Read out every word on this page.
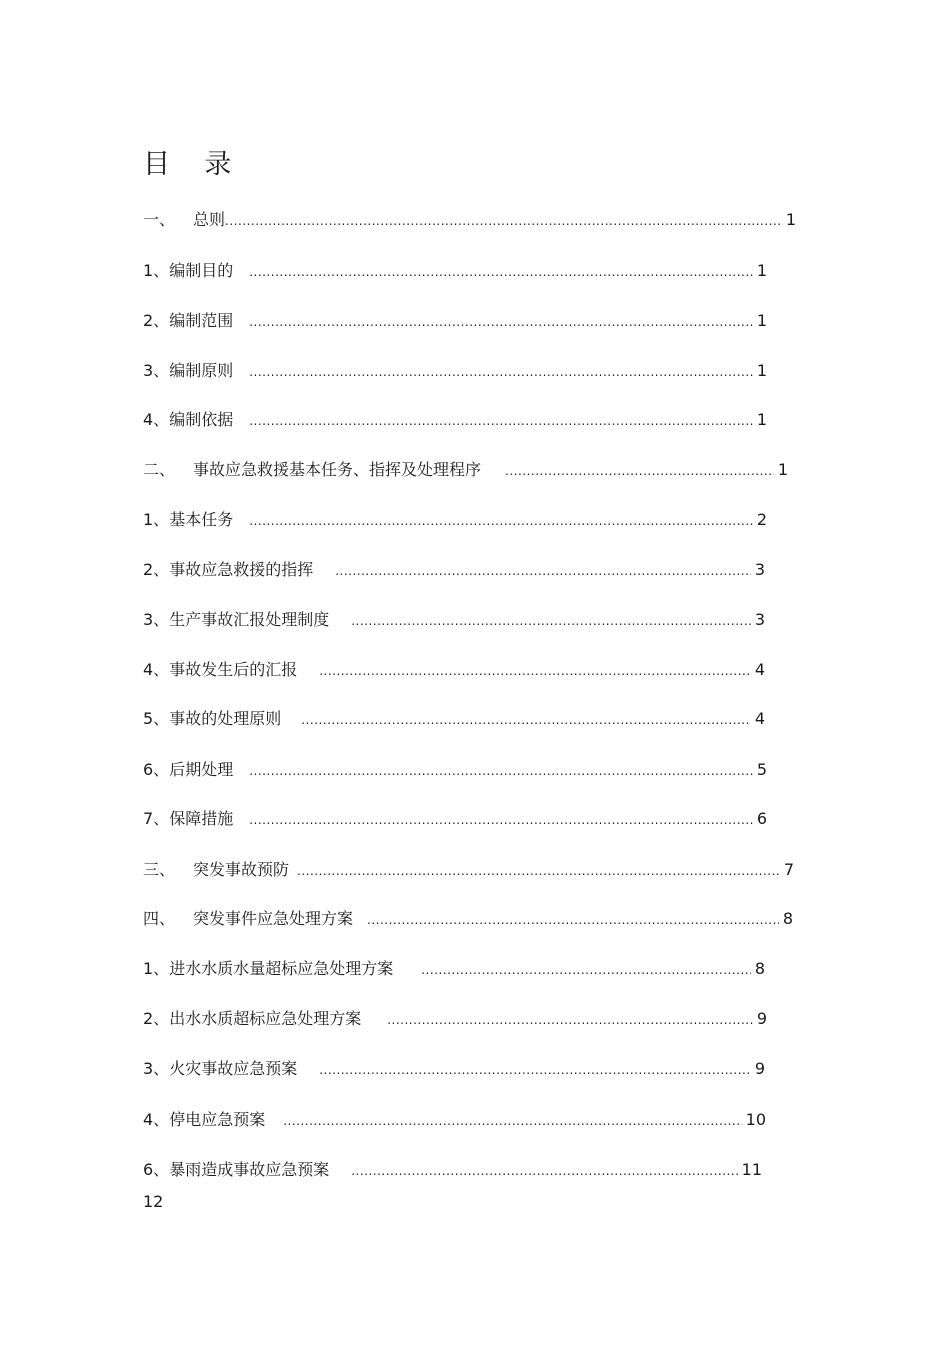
目    录
一、	总则 .....	1
1、 编制目的 .....	1
2、 编制范围 .....	1
3、 编制原则 .....	1
4、 编制依据 .....	1
二、	事故应急救援基本任务、指挥及处理程序 .....	1
1、 基本任务 .....	2
2、 事故应急救援的指挥 .....	3
3、 生产事故汇报处理制度 .....	3
4、 事故发生后的汇报 .....	4
5、 事故的处理原则 .....	4
6、 后期处理 .....	5
7、 保障措施 .....	6
三、	突发事故预防 .....	7
四、	突发事件应急处理方案 .....	8
1、 进水水质水量超标应急处理方案 .....	8
2、 出水水质超标应急处理方案 .....	9
3、 火灾事故应急预案 .....	9
4、 停电应急预案 .....	10
6、 暴雨造成事故应急预案 .....	11
12
